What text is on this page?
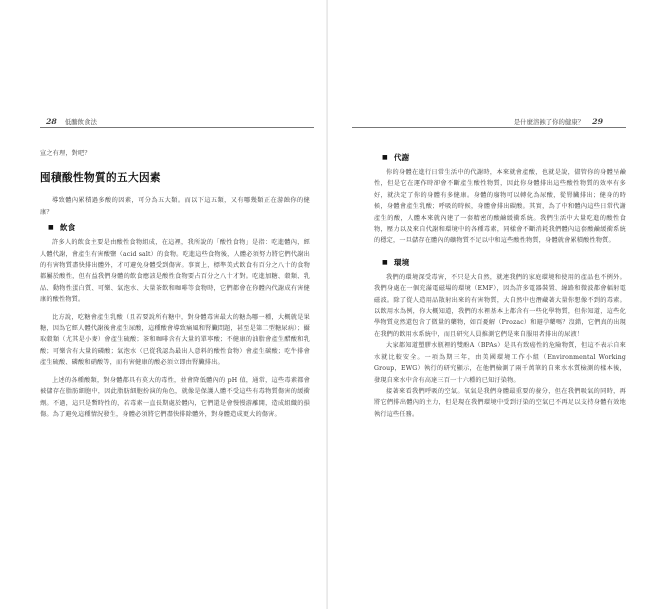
28 低醣飲食法

宣之有理，對吧？

囤積酸性物質的五大因素

導致體內累積過多酸的因素，可分為五大類。而以下這五類，又有哪幾類正在游蝕你的健康？

■ 飲食

許多人的飲食主要是由酸性食物組成，在這裡，我所說的「酸性食物」是指：吃進體內，經人體代謝，會產生有害酸鹽（acid salt）的食物。吃進這些食物後，人體必須努力將它們代謝出的有害物質盡快排出體外，才可避免身體受到傷害。事實上，標準美式飲食有百分之八十的食物都屬於酸性，但有益我們身體的飲食應該是酸性食物要占百分之八十才對。吃進加糖、穀類、乳品、動物性蛋白質、可樂、氣泡水、大量茶飲和咖啡等食物時，它們都會在你體內代謝成有害健康的酸性物質。

比方說，吃糖會產生乳酸（且若要說所有糖中，對身體毒害最大的糖為哪一種，大概就是果糖，因為它經人體代謝後會產生尿酸，這種酸會導致痛風和腎臟問題，甚至是第二型糖尿病）；攝取穀類（尤其是小麥）會產生硫酸；茶和咖啡含有大量的單寧酸；不健康的油脂會產生醋酸和乳酸；可樂含有大量的磷酸；氣泡水（已從我認為最出人意料的酸性食物）會產生碳酸；吃牛排會產生硫酸、磷酸和硝酸等，而有害健康的酸必須立即由腎臟排出。

上述的各種酸類，對身體都具有莫大的毒性，並會降低體內的 pH 值，通常，這些毒素都會被儲存在脂肪細胞中，因此脂肪細胞扮演的角色，就像是保護人體不受這些有毒物質傷害的緩衝劑。不過，這只是暫時性的，若毒素一直長期處於體內，它們還是會慢慢游離開，造成組織的損傷。為了避免這種情況發生，身體必須將它們盡快排除體外，對身體造成更大的傷害。

是什麼溶蝕了你的健康？ 29
■ 代謝

你的身體在進行日常生活中的代謝時，本來就會產酸，也就是說，儘管你的身體呈鹼性，但是它在運作時卻會不斷產生酸性物質，因此你身體排出這些酸性物質的效率有多好，就決定了你的身體有多健康。身體的廢物可以轉化為尿酸，從腎臟排出；健身的時候，身體會產生乳酸；呼吸的時候，身體會排出碳酸。其實，為了中和體內這些日常代謝產生的酸，人體本來就內建了一套精密的酸鹼緩衝系統。我們生活中大量吃進的酸性食物，壓力以及來自代謝和環境中的各種毒素，同樣會不斷消耗我們體內這套酸鹼緩衝系統的穩定，一旦儲存在體內的礦物質不足以中和這些酸性物質，身體就會累積酸性物質。

■ 環境

我們的環境深受毒害，不只是大自然，就連我們的家庭環境和使用的產品也不例外。我們身處在一個充滿電磁場的環境（EMF），因為許多電器裝置、線路和微波都會輻射電磁波。除了從人造用品散射出來的有害物質，大自然中也潛藏著大量你想像不到的毒素。以飲用水為例，你大概知道，我們的水裡基本上都含有一些化學物質，但你知道，這些化學物質竟然還包含了微量的藥物，如百憂解（Prozac）和避孕藥嗎？沒錯，它們真的出現在我們的飲用水系統中，而且研究人員推測它們是來自服用者排出的尿液！

大家都知道塑膠水瓶裡的雙酚A（BPAs）是具有致癌性的危險物質，但這不表示自來水就比較安全。一項為期三年，由美國環境工作小組（Environmental Working Group，EWG）執行的研究顯示，在他們檢測了兩千萬筆的自來水水質檢測的樣本後，發現自來水中含有高達三百一十六種的已知汙染物。

接著來看我們呼吸的空氣。氧氣是我們身體最重要的養分，但在我們吸氣的同時，再將它們排出體內的主力，但是現在我們環境中受到汙染的空氣已不再足以支持身體有效地執行這些任務。
